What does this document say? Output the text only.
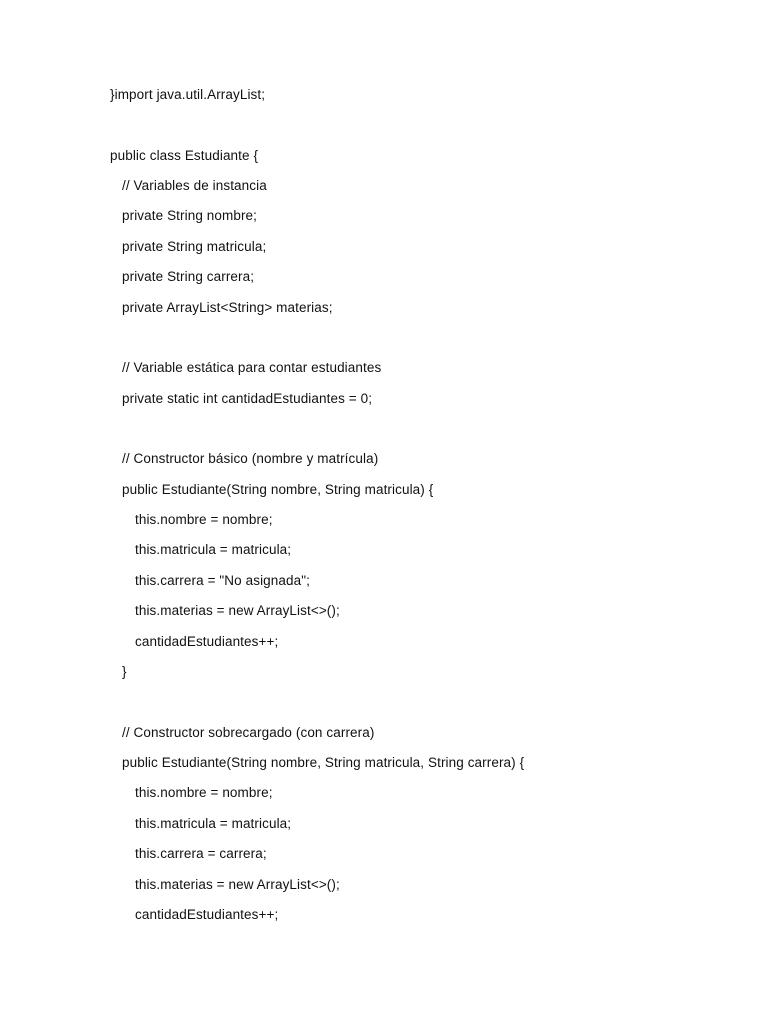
}import java.util.ArrayList;
public class Estudiante {
// Variables de instancia
private String nombre;
private String matricula;
private String carrera;
private ArrayList<String> materias;
// Variable estática para contar estudiantes
private static int cantidadEstudiantes = 0;
// Constructor básico (nombre y matrícula)
public Estudiante(String nombre, String matricula) {
this.nombre = nombre;
this.matricula = matricula;
this.carrera = "No asignada";
this.materias = new ArrayList<>();
cantidadEstudiantes++;
}
// Constructor sobrecargado (con carrera)
public Estudiante(String nombre, String matricula, String carrera) {
this.nombre = nombre;
this.matricula = matricula;
this.carrera = carrera;
this.materias = new ArrayList<>();
cantidadEstudiantes++;
